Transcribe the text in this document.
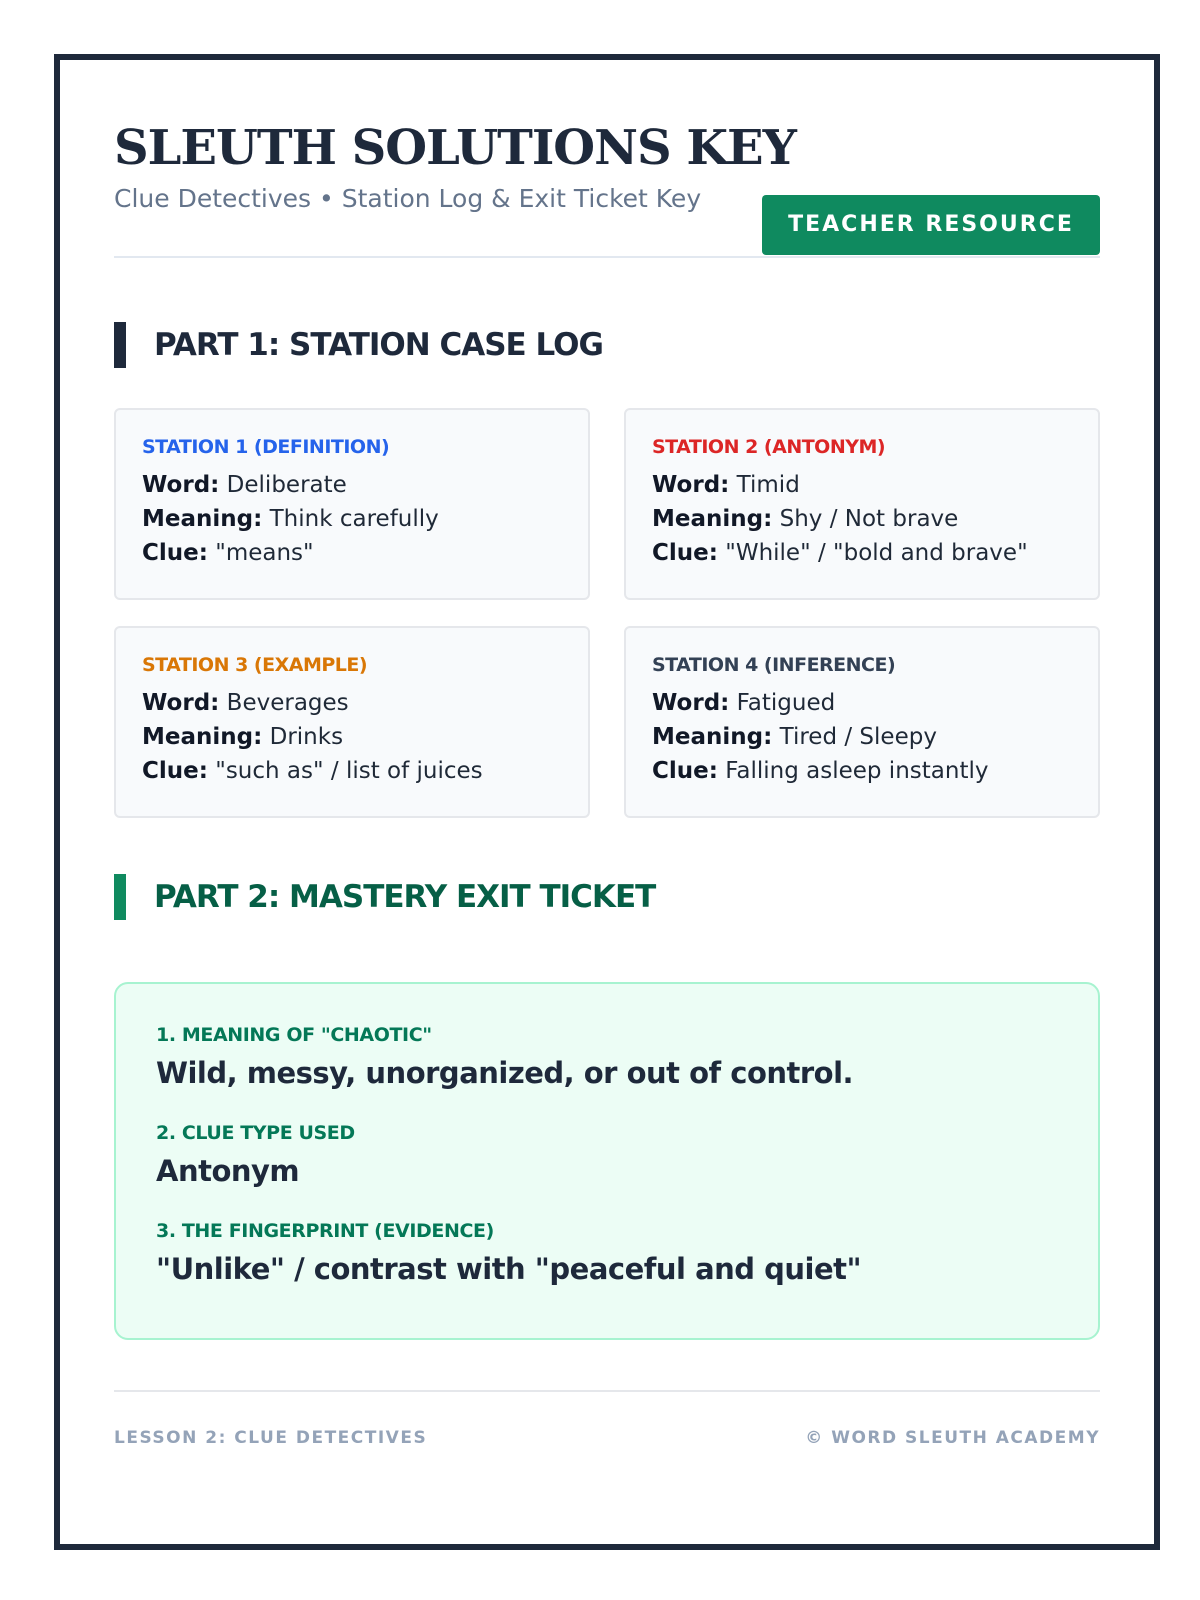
SLEUTH SOLUTIONS KEY
Clue Detectives • Station Log & Exit Ticket Key
TEACHER RESOURCE
PART 1: STATION CASE LOG
STATION 1 (DEFINITION)
Word: Deliberate
Meaning: Think carefully
Clue: "means"
STATION 2 (ANTONYM)
Word: Timid
Meaning: Shy / Not brave
Clue: "While" / "bold and brave"
STATION 3 (EXAMPLE)
Word: Beverages
Meaning: Drinks
Clue: "such as" / list of juices
STATION 4 (INFERENCE)
Word: Fatigued
Meaning: Tired / Sleepy
Clue: Falling asleep instantly
PART 2: MASTERY EXIT TICKET
1. MEANING OF "CHAOTIC"
Wild, messy, unorganized, or out of control.
2. CLUE TYPE USED
Antonym
3. THE FINGERPRINT (EVIDENCE)
"Unlike" / contrast with "peaceful and quiet"
LESSON 2: CLUE DETECTIVES	© WORD SLEUTH ACADEMY
